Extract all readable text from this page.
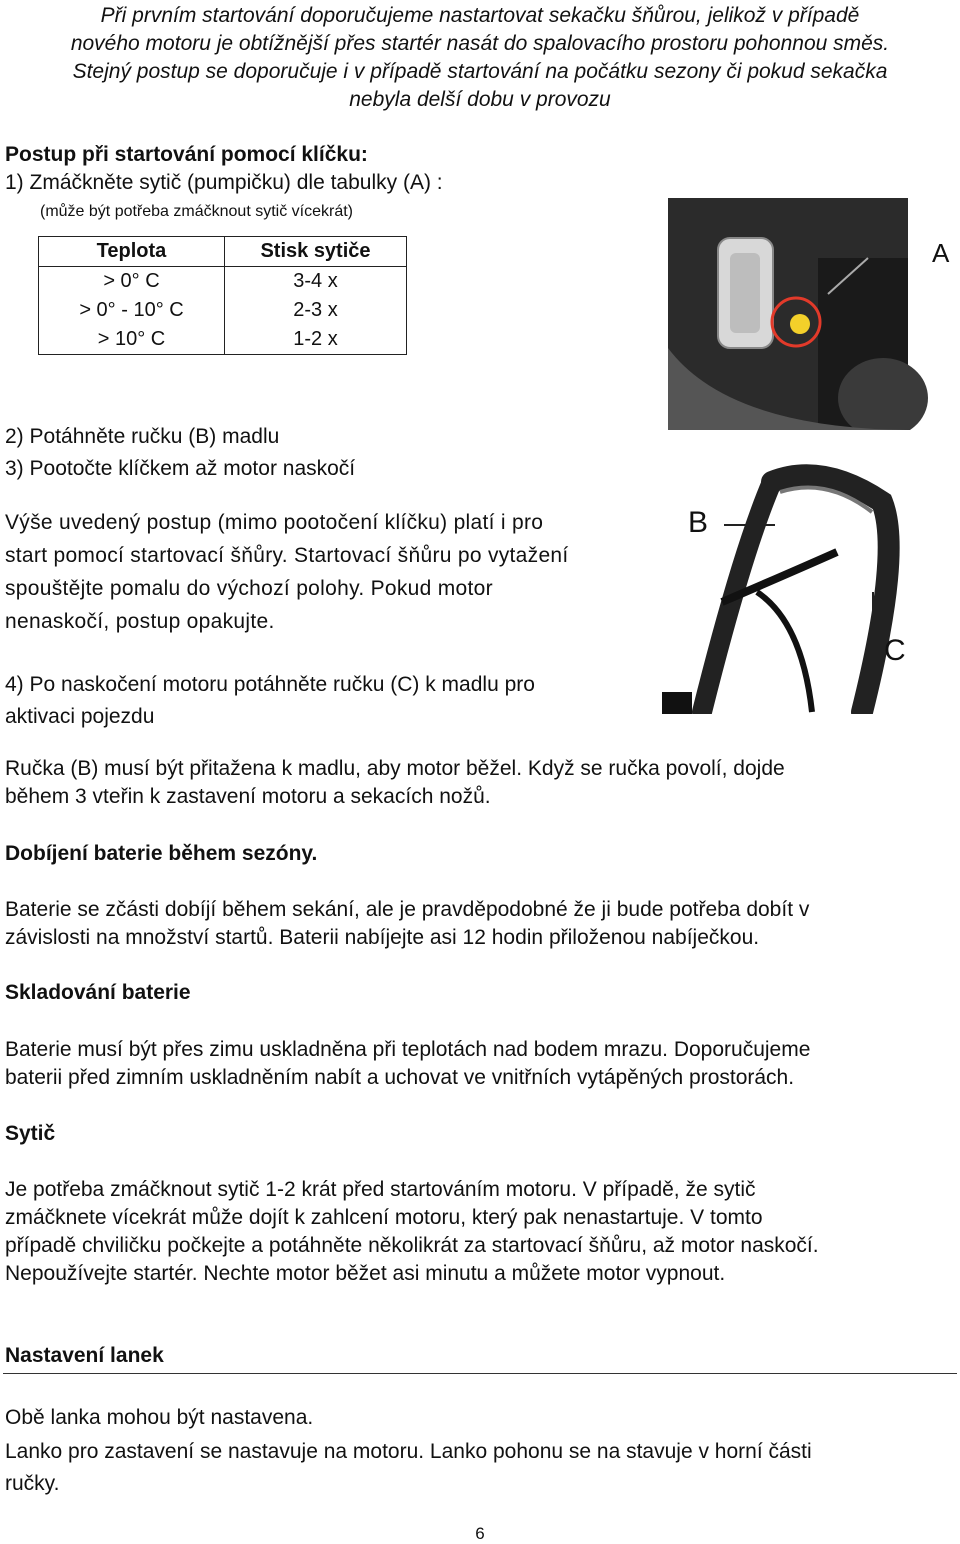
Při prvním startování doporučujeme nastartovat sekačku šňůrou, jelikož v případě
nového motoru je obtížnější přes startér nasát do spalovacího prostoru pohonnou směs.
Stejný postup se doporučuje i v případě startování na počátku sezony či pokud sekačka
nebyla delší dobu v provozu
Postup při startování pomocí klíčku:
1) Zmáčkněte sytič (pumpičku) dle tabulky (A) :
(může být potřeba zmáčknout sytič vícekrát)
Teplota	Stisk sytiče
> 0° C	3-4 x
> 0° - 10° C	2-3 x
> 10° C	1-2 x
A
2) Potáhněte ručku (B) madlu
3) Pootočte klíčkem až motor naskočí
Výše uvedený postup (mimo pootočení klíčku) platí i pro
start pomocí startovací šňůry. Startovací šňůru po vytažení
spouštějte pomalu do výchozí polohy. Pokud motor
nenaskočí, postup opakujte.
B
C
4) Po naskočení motoru potáhněte ručku (C) k madlu pro
aktivaci pojezdu
Ručka (B) musí být přitažena k madlu, aby motor běžel. Když se ručka povolí, dojde
během 3 vteřin k zastavení motoru a sekacích nožů.
Dobíjení baterie během sezóny.
Baterie se zčásti dobíjí během sekání, ale je pravděpodobné že ji bude potřeba dobít v
závislosti na množství startů. Baterii nabíjejte asi 12 hodin přiloženou nabíječkou.
Skladování baterie
Baterie musí být přes zimu uskladněna při teplotách nad bodem mrazu. Doporučujeme
baterii před zimním uskladněním nabít a uchovat ve vnitřních vytápěných prostorách.
Sytič
Je potřeba zmáčknout sytič 1-2 krát před startováním motoru. V případě, že sytič
zmáčknete vícekrát může dojít k zahlcení motoru, který pak nenastartuje. V tomto
případě chviličku počkejte a potáhněte několikrát za startovací šňůru, až motor naskočí.
Nepoužívejte startér. Nechte motor běžet asi minutu a můžete motor vypnout.
Nastavení lanek
Obě lanka mohou být nastavena.
Lanko pro zastavení se nastavuje na motoru. Lanko pohonu se na stavuje v horní části
ručky.
6
